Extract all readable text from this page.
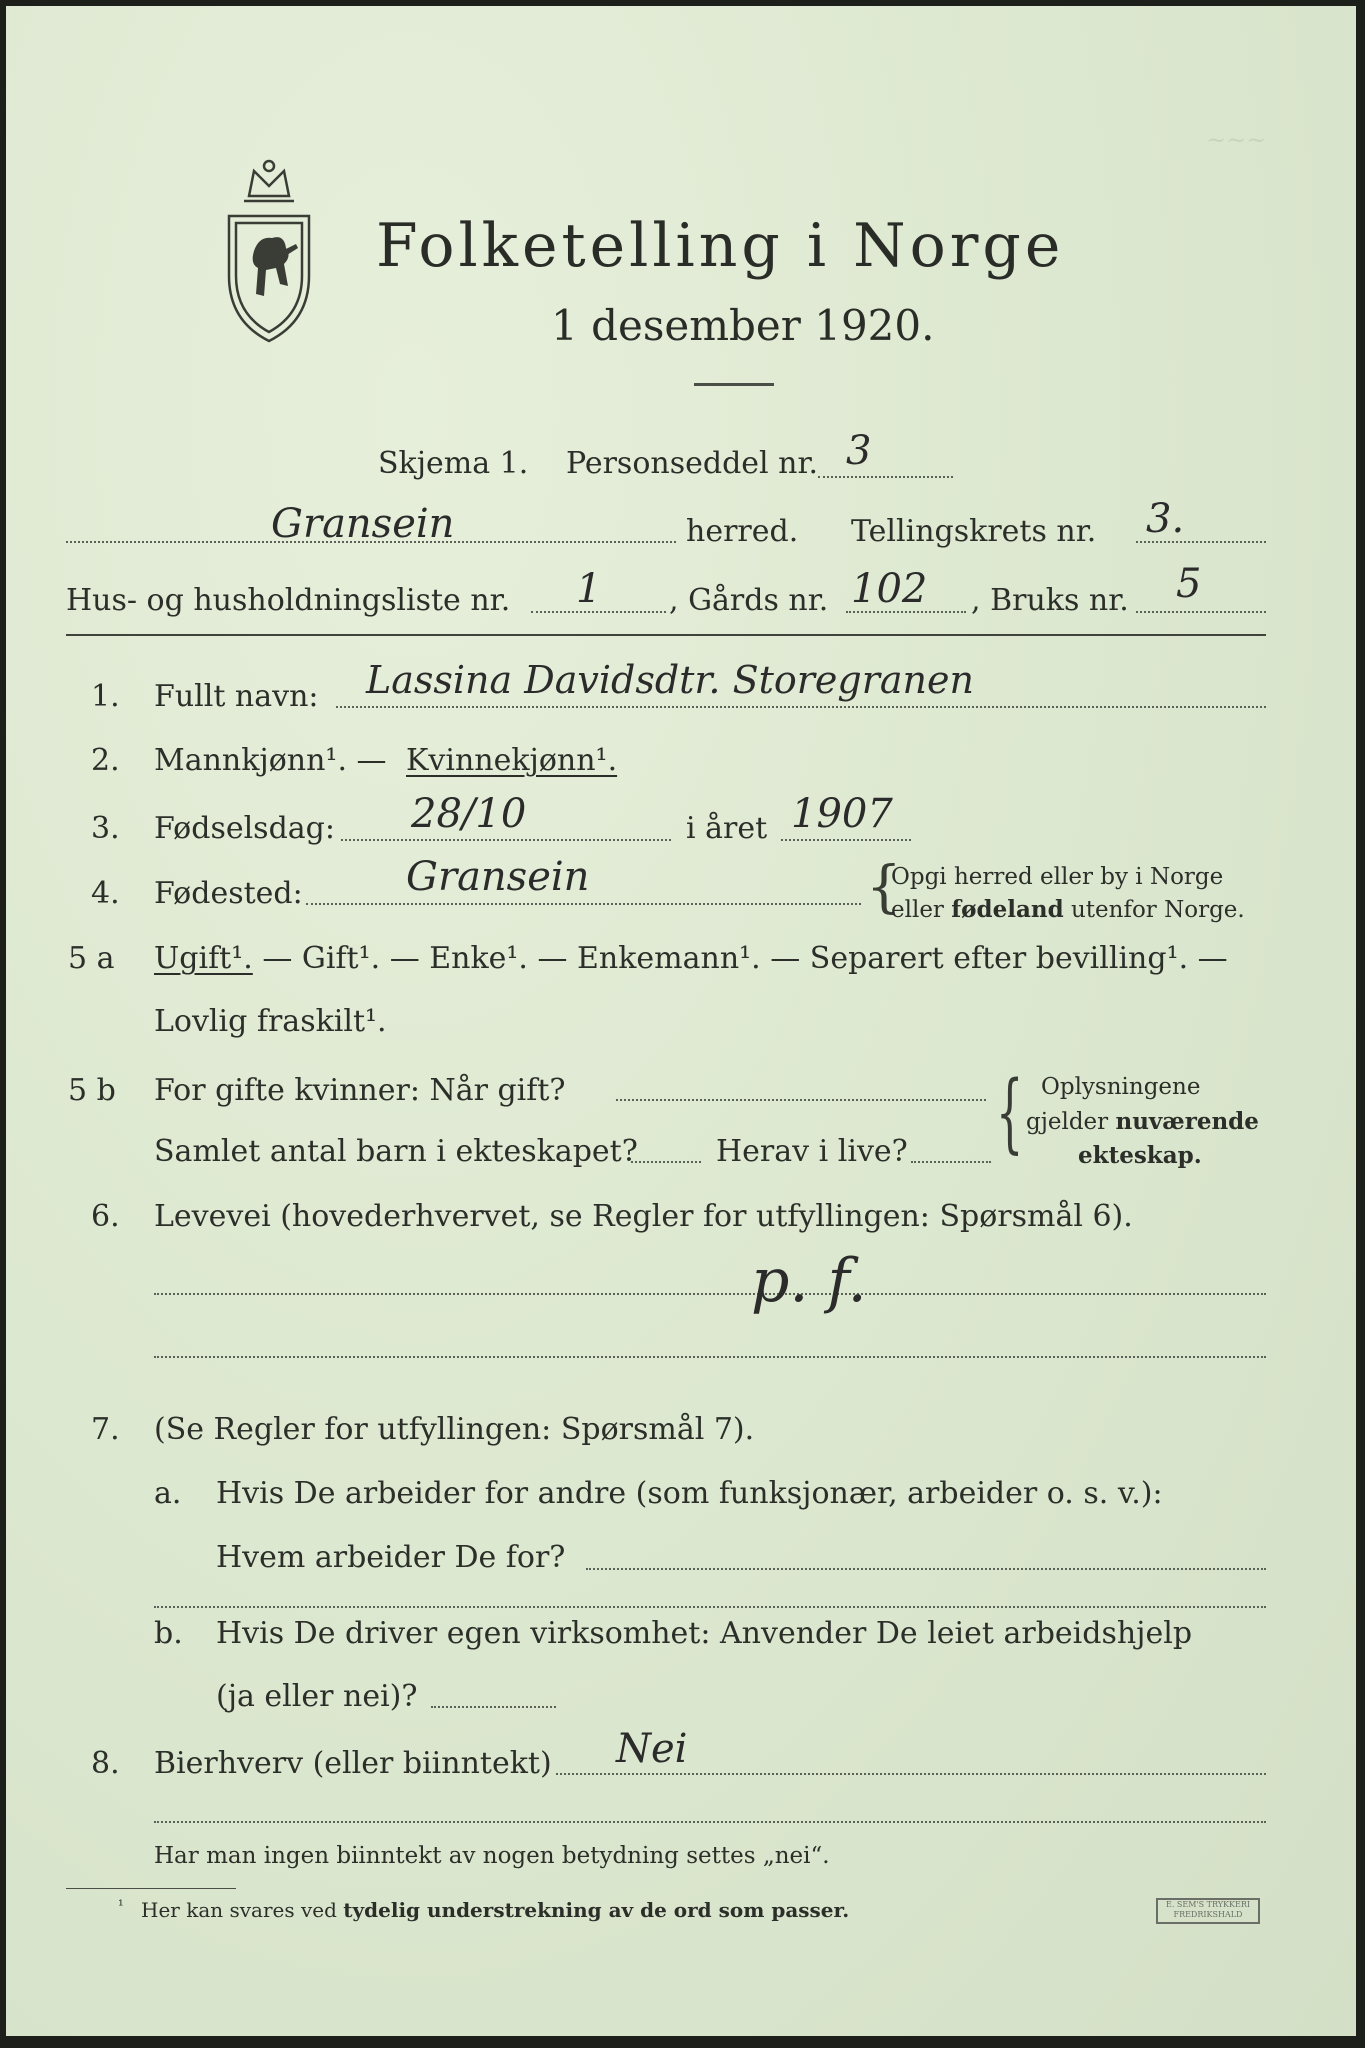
~~~
Folketelling i Norge
1 desember 1920.
Skjema 1. Personseddel nr. 3
Gransein	herred. Tellingskrets nr. 3.
Hus- og husholdningsliste nr. 1 , Gårds nr. 102 , Bruks nr. 5
1. Fullt navn: Lassina Davidsdtr. Storegranen
2. Mannkjønn¹. — Kvinnekjønn¹.
3. Fødselsdag: 28/10	i året 1907
4. Fødested:	Gransein	{
Opgi herred eller by i Norge
eller fødeland utenfor Norge.
5 a Ugift¹. — Gift¹. — Enke¹. — Enkemann¹. — Separert efter bevilling¹. —
Lovlig fraskilt¹.
5 b For gifte kvinner: Når gift?
Samlet antal barn i ekteskapet?	Herav i live? { Oplysningene
gjelder nuværende
ekteskap.
6. Levevei (hovederhvervet, se Regler for utfyllingen: Spørsmål 6).
p. f.
7. (Se Regler for utfyllingen: Spørsmål 7).
a. Hvis De arbeider for andre (som funksjonær, arbeider o. s. v.):
Hvem arbeider De for?
b. Hvis De driver egen virksomhet: Anvender De leiet arbeidshjelp
(ja eller nei)?
8. Bierhverv (eller biinntekt) Nei
Har man ingen biinntekt av nogen betydning settes „nei“.
¹ Her kan svares ved tydelig understrekning av de ord som passer.	E. SEM'S TRYKKERI FREDRIKSHALD
